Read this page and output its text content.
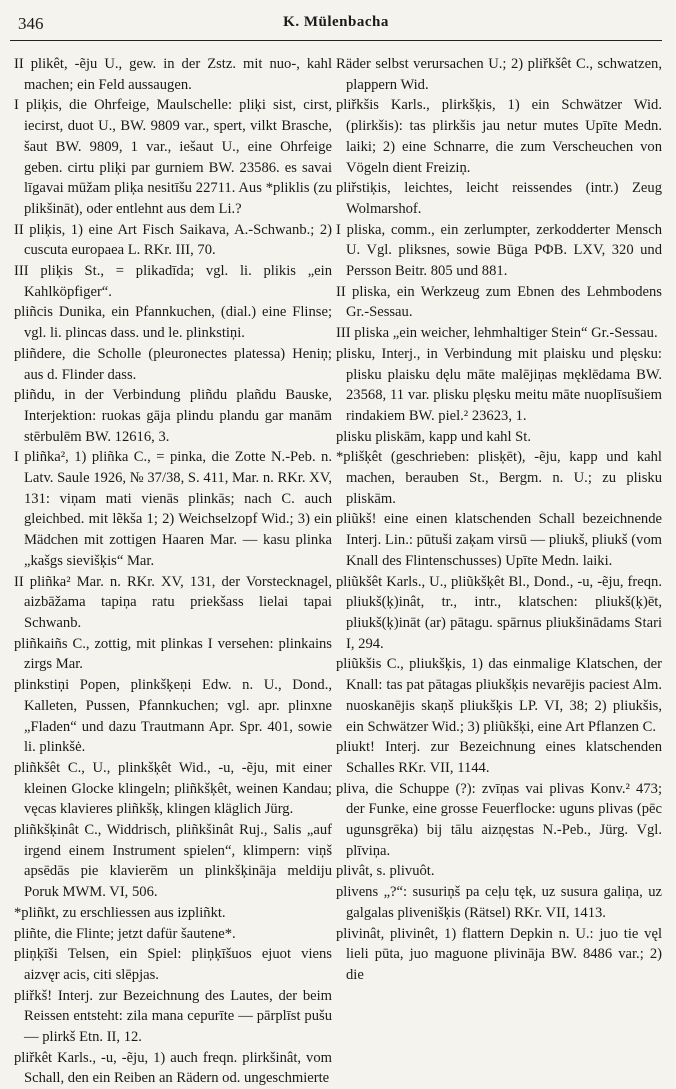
346	K. Mülenbacha

II plikêt, -ẽju U., gew. in der Zstz. mit nuo-, kahl machen; ein Feld aussaugen.

I pliķis, die Ohrfeige, Maulschelle: pliķi sist, cirst, iecirst, duot U., BW. 9809 var., spert, vilkt Brasche, šaut BW. 9809, 1 var., iešaut U., eine Ohrfeige geben. cirtu pliķi par gurniem BW. 23586. es savai līgavai mūžam pliķa nesitīšu 22711. Aus *pliklis (zu plikšināt), oder entlehnt aus dem Li.?

II pliķis, 1) eine Art Fisch Saikava, A.-Schwanb.; 2) cuscuta europaea L. RKr. III, 70.

III pliķis St., = plikadīda; vgl. li. plikis „ein Kahlköpfiger“.

pliñcis Dunika, ein Pfannkuchen, (dial.) eine Flinse; vgl. li. plincas dass. und le. plinkstiņi.

pliñdere, die Scholle (pleuronectes platessa) Heniņ; aus d. Flinder dass.

pliñdu, in der Verbindung pliñdu plañdu Bauske, Interjektion: ruokas gāja plindu plandu gar manām stērbulēm BW. 12616, 3.

I pliñka², 1) pliñka C., = pinka, die Zotte N.-Peb. n. Latv. Saule 1926, № 37/38, S. 411, Mar. n. RKr. XV, 131: viņam mati vienās plinkās; nach C. auch gleichbed. mit lẽkša 1; 2) Weichselzopf Wid.; 3) ein Mädchen mit zottigen Haaren Mar. — kasu plinka „kašgs sievišķis“ Mar.

II pliñka² Mar. n. RKr. XV, 131, der Vorstecknagel, aizbāžama tapiņa ratu priekšass lielai tapai Schwanb.

pliñkaiñs C., zottig, mit plinkas I versehen: plinkains zirgs Mar.

plinkstiņi Popen, plinkšķeņi Edw. n. U., Dond., Kalleten, Pussen, Pfannkuchen; vgl. apr. plinxne „Fladen“ und dazu Trautmann Apr. Spr. 401, sowie li. plinkšė.

pliñkšêt C., U., plinkšķêt Wid., -u, -ẽju, mit einer kleinen Glocke klingeln; pliñkšķêt, weinen Kandau; vęcas klavieres pliñkšķ, klingen kläglich Jürg.

pliñkšķinât C., Widdrisch, pliñkšinât Ruj., Salis „auf irgend einem Instrument spielen“, klimpern: viņš apsēdās pie klavierēm un plinkšķināja meldiju Poruk MWM. VI, 506.

*pliñkt, zu erschliessen aus izpliñkt.

pliñte, die Flinte; jetzt dafür šautene*.

pliņķīši Telsen, ein Spiel: pliņķīšuos ejuot viens aizvęr acis, citi slēpjas.

pliřkš! Interj. zur Bezeichnung des Lautes, der beim Reissen entsteht: zila mana cepurīte — pārplīst pušu — plirkš Etn. II, 12.

pliřkêt Karls., -u, -ẽju, 1) auch freqn. plirkšinât, vom Schall, den ein Reiben an Rädern od. ungeschmierte

Räder selbst verursachen U.; 2) pliřkšêt C., schwatzen, plappern Wid.

pliřkšis Karls., plirkšķis, 1) ein Schwätzer Wid. (plirkšis): tas plirkšis jau netur mutes Upīte Medn. laiki; 2) eine Schnarre, die zum Verscheuchen von Vögeln dient Freiziņ.

pliřstiķis, leichtes, leicht reissendes (intr.) Zeug Wolmarshof.

I pliska, comm., ein zerlumpter, zerkodderter Mensch U. Vgl. pliksnes, sowie Būga РФВ. LXV, 320 und Persson Beitr. 805 und 881.

II pliska, ein Werkzeug zum Ebnen des Lehmbodens Gr.-Sessau.

III pliska „ein weicher, lehmhaltiger Stein“ Gr.-Sessau.

plisku, Interj., in Verbindung mit plaisku und plęsku: plisku plaisku dęlu māte malējiņas męklēdama BW. 23568, 11 var. plisku plęsku meitu māte nuoplīsušiem rindakiem BW. piel.² 23623, 1.

plisku pliskām, kapp und kahl St.

*plišķêt (geschrieben: plisķēt), -ẽju, kapp und kahl machen, berauben St., Bergm. n. U.; zu plisku pliskām.

pliũkš! eine einen klatschenden Schall bezeichnende Interj. Lin.: pūtuši zaķam virsū — pliukš, pliukš (vom Knall des Flintenschusses) Upīte Medn. laiki.

pliũkšêt Karls., U., pliũkšķêt Bl., Dond., -u, -ẽju, freqn. pliukš(ķ)inât, tr., intr., klatschen: pliukš(ķ)ēt, pliukš(ķ)ināt (ar) pātagu. spārnus pliukšinādams Stari I, 294.

pliũkšis C., pliukšķis, 1) das einmalige Klatschen, der Knall: tas pat pātagas pliukšķis nevarējis paciest Alm. nuoskanējis skaņš pliukšķis LP. VI, 38; 2) pliukšis, ein Schwätzer Wid.; 3) pliũkšķi, eine Art Pflanzen C.

pliukt! Interj. zur Bezeichnung eines klatschenden Schalles RKr. VII, 1144.

pliva, die Schuppe (?): zvīņas vai plivas Konv.² 473; der Funke, eine grosse Feuerflocke: uguns plivas (pēc ugunsgrēka) bij tālu aizņęstas N.-Peb., Jürg. Vgl. plīviņa.

plivât, s. plivuôt.

plivens „?“: susuriņš pa ceļu tęk, uz susura galiņa, uz galgalas plivenišķis (Rätsel) RKr. VII, 1413.

plivinât, plivinêt, 1) flattern Depkin n. U.: juo tie vęl lieli pūta, juo maguone plivināja BW. 8486 var.; 2) die
